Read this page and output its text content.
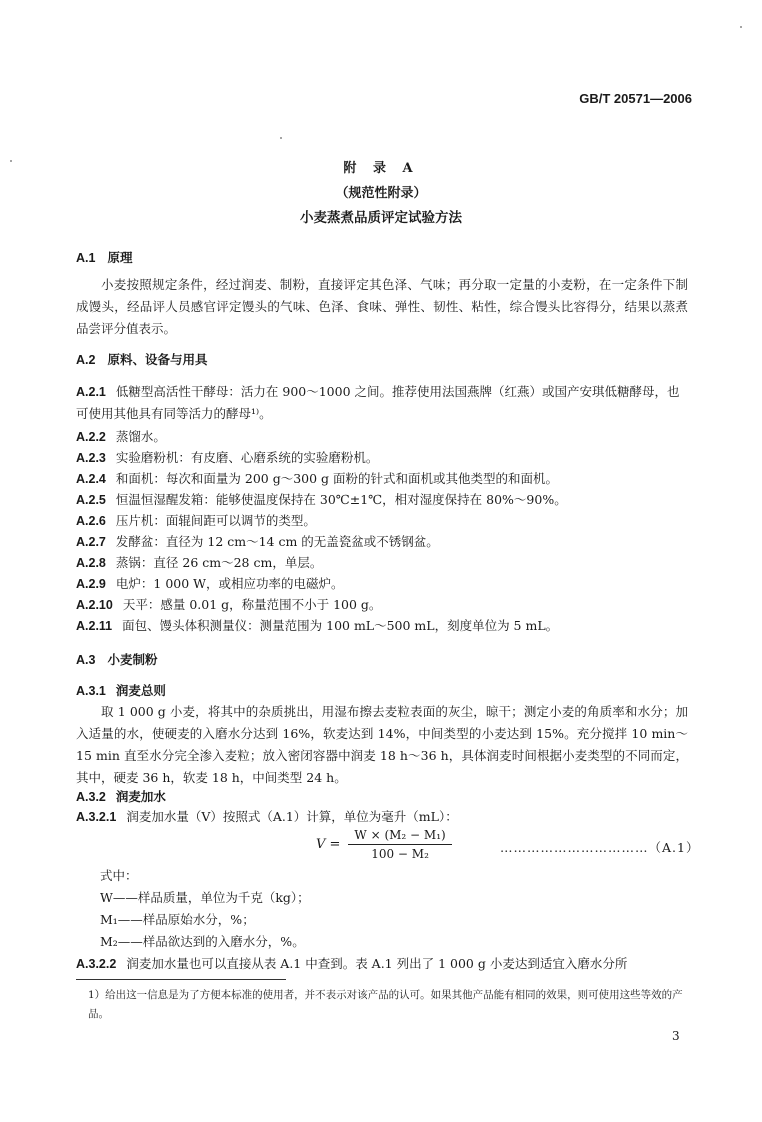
GB/T 20571—2006
附 录 A
（规范性附录）
小麦蒸煮品质评定试验方法
A.1 原理
小麦按照规定条件，经过润麦、制粉，直接评定其色泽、气味；再分取一定量的小麦粉，在一定条件下制成馒头，经品评人员感官评定馒头的气味、色泽、食味、弹性、韧性、粘性，综合馒头比容得分，结果以蒸煮品尝评分值表示。
A.2 原料、设备与用具
A.2.1 低糖型高活性干酵母：活力在 900～1000 之间。推荐使用法国燕牌（红燕）或国产安琪低糖酵母，也可使用其他具有同等活力的酵母¹⁾。
A.2.2 蒸馏水。
A.2.3 实验磨粉机：有皮磨、心磨系统的实验磨粉机。
A.2.4 和面机：每次和面量为 200 g～300 g 面粉的针式和面机或其他类型的和面机。
A.2.5 恒温恒湿醒发箱：能够使温度保持在 30℃±1℃，相对湿度保持在 80%～90%。
A.2.6 压片机：面辊间距可以调节的类型。
A.2.7 发酵盆：直径为 12 cm～14 cm 的无盖瓷盆或不锈钢盆。
A.2.8 蒸锅：直径 26 cm～28 cm，单层。
A.2.9 电炉：1 000 W，或相应功率的电磁炉。
A.2.10 天平：感量 0.01 g，称量范围不小于 100 g。
A.2.11 面包、馒头体积测量仪：测量范围为 100 mL～500 mL，刻度单位为 5 mL。
A.3 小麦制粉
A.3.1 润麦总则
取 1 000 g 小麦，将其中的杂质挑出，用湿布擦去麦粒表面的灰尘，晾干；测定小麦的角质率和水分；加入适量的水，使硬麦的入磨水分达到 16%，软麦达到 14%，中间类型的小麦达到 15%。充分搅拌 10 min～15 min 直至水分完全渗入麦粒；放入密闭容器中润麦 18 h～36 h，具体润麦时间根据小麦类型的不同而定，其中，硬麦 36 h，软麦 18 h，中间类型 24 h。
A.3.2 润麦加水
A.3.2.1 润麦加水量（V）按照式（A.1）计算，单位为毫升（mL）：
$V = \frac{\text{W × (M₂ − M₁)}}{\text{100 − M₂}}$	……………………………（A.1）
式中：
W——样品质量，单位为千克（kg）；
M₁——样品原始水分，%；
M₂——样品欲达到的入磨水分，%。
A.3.2.2 润麦加水量也可以直接从表 A.1 中查到。表 A.1 列出了 1 000 g 小麦达到适宜入磨水分所
1）给出这一信息是为了方便本标准的使用者，并不表示对该产品的认可。如果其他产品能有相同的效果，则可使用这些等效的产品。
3
